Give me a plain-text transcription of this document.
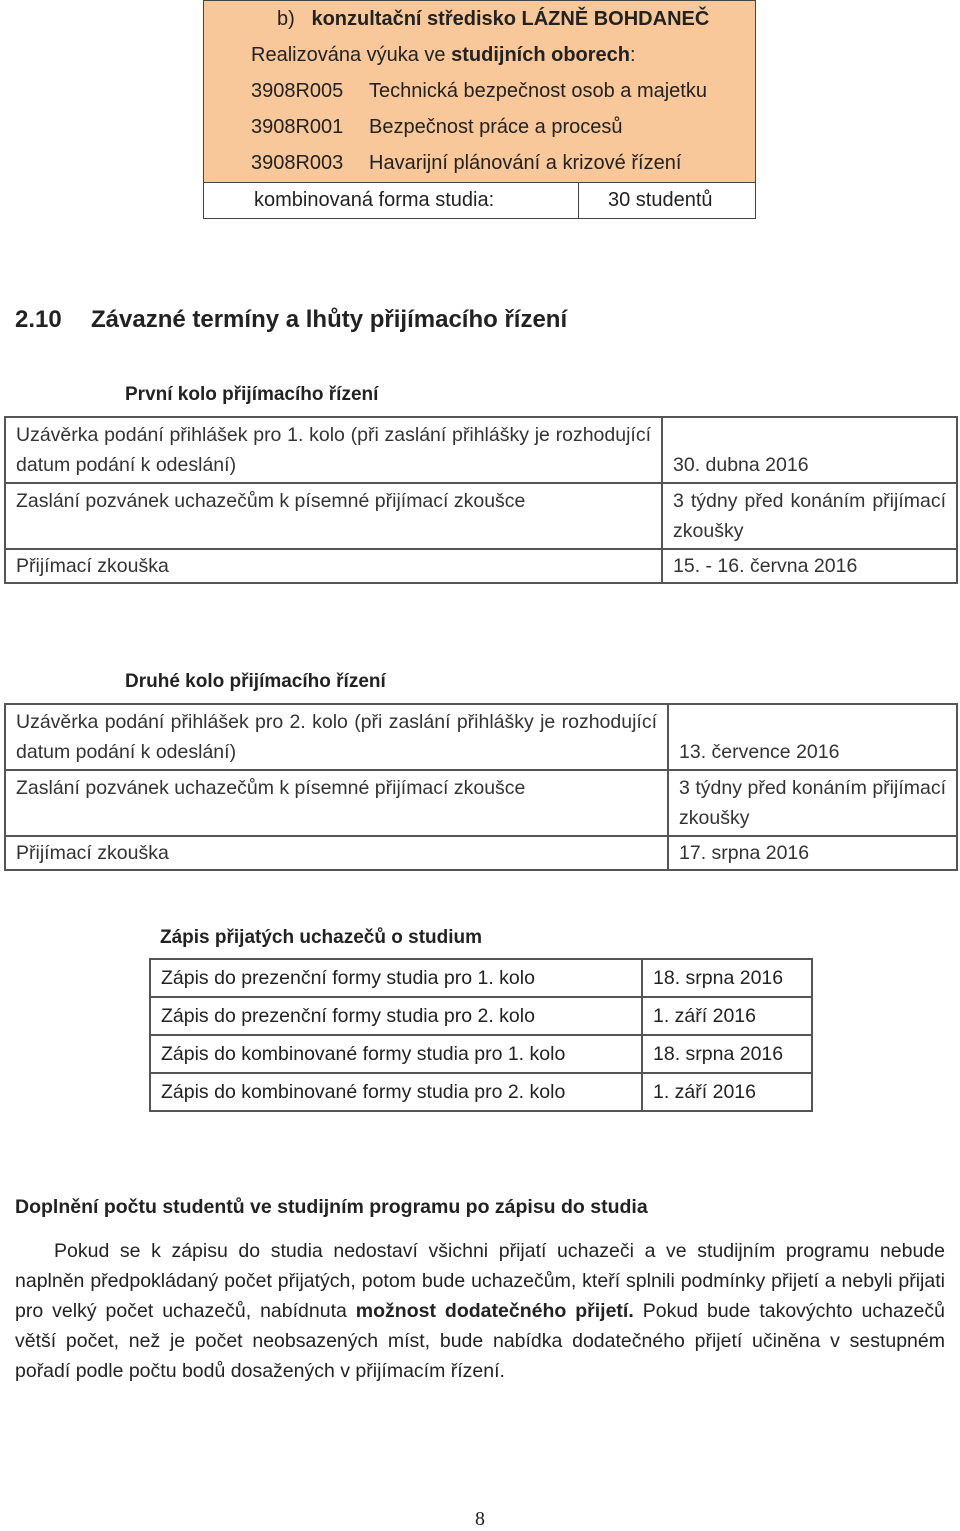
b) konzultační středisko LÁZNĚ BOHDANEČ
Realizována výuka ve studijních oborech:
3908R005 Technická bezpečnost osob a majetku
3908R001 Bezpečnost práce a procesů
3908R003 Havarijní plánování a krizové řízení
kombinovaná forma studia:	30 studentů
2.10 Závazné termíny a lhůty přijímacího řízení
První kolo přijímacího řízení
Uzávěrka podání přihlášek pro 1. kolo (při zaslání přihlášky je rozhodující datum podání k odeslání)	30. dubna 2016
Zaslání pozvánek uchazečům k písemné přijímací zkoušce	3 týdny před konáním přijímací zkoušky
Přijímací zkouška	15. - 16. června 2016
Druhé kolo přijímacího řízení
Uzávěrka podání přihlášek pro 2. kolo (při zaslání přihlášky je rozhodující datum podání k odeslání)	13. července 2016
Zaslání pozvánek uchazečům k písemné přijímací zkoušce	3 týdny před konáním přijímací zkoušky
Přijímací zkouška	17. srpna 2016
Zápis přijatých uchazečů o studium
Zápis do prezenční formy studia pro 1. kolo	18. srpna 2016
Zápis do prezenční formy studia pro 2. kolo	1. září 2016
Zápis do kombinované formy studia pro 1. kolo	18. srpna 2016
Zápis do kombinované formy studia pro 2. kolo	1. září 2016
Doplnění počtu studentů ve studijním programu po zápisu do studia
Pokud se k zápisu do studia nedostaví všichni přijatí uchazeči a ve studijním programu nebude naplněn předpokládaný počet přijatých, potom bude uchazečům, kteří splnili podmínky přijetí a nebyli přijati pro velký počet uchazečů, nabídnuta možnost dodatečného přijetí. Pokud bude takovýchto uchazečů větší počet, než je počet neobsazených míst, bude nabídka dodatečného přijetí učiněna v sestupném pořadí podle počtu bodů dosažených v přijímacím řízení.
8
